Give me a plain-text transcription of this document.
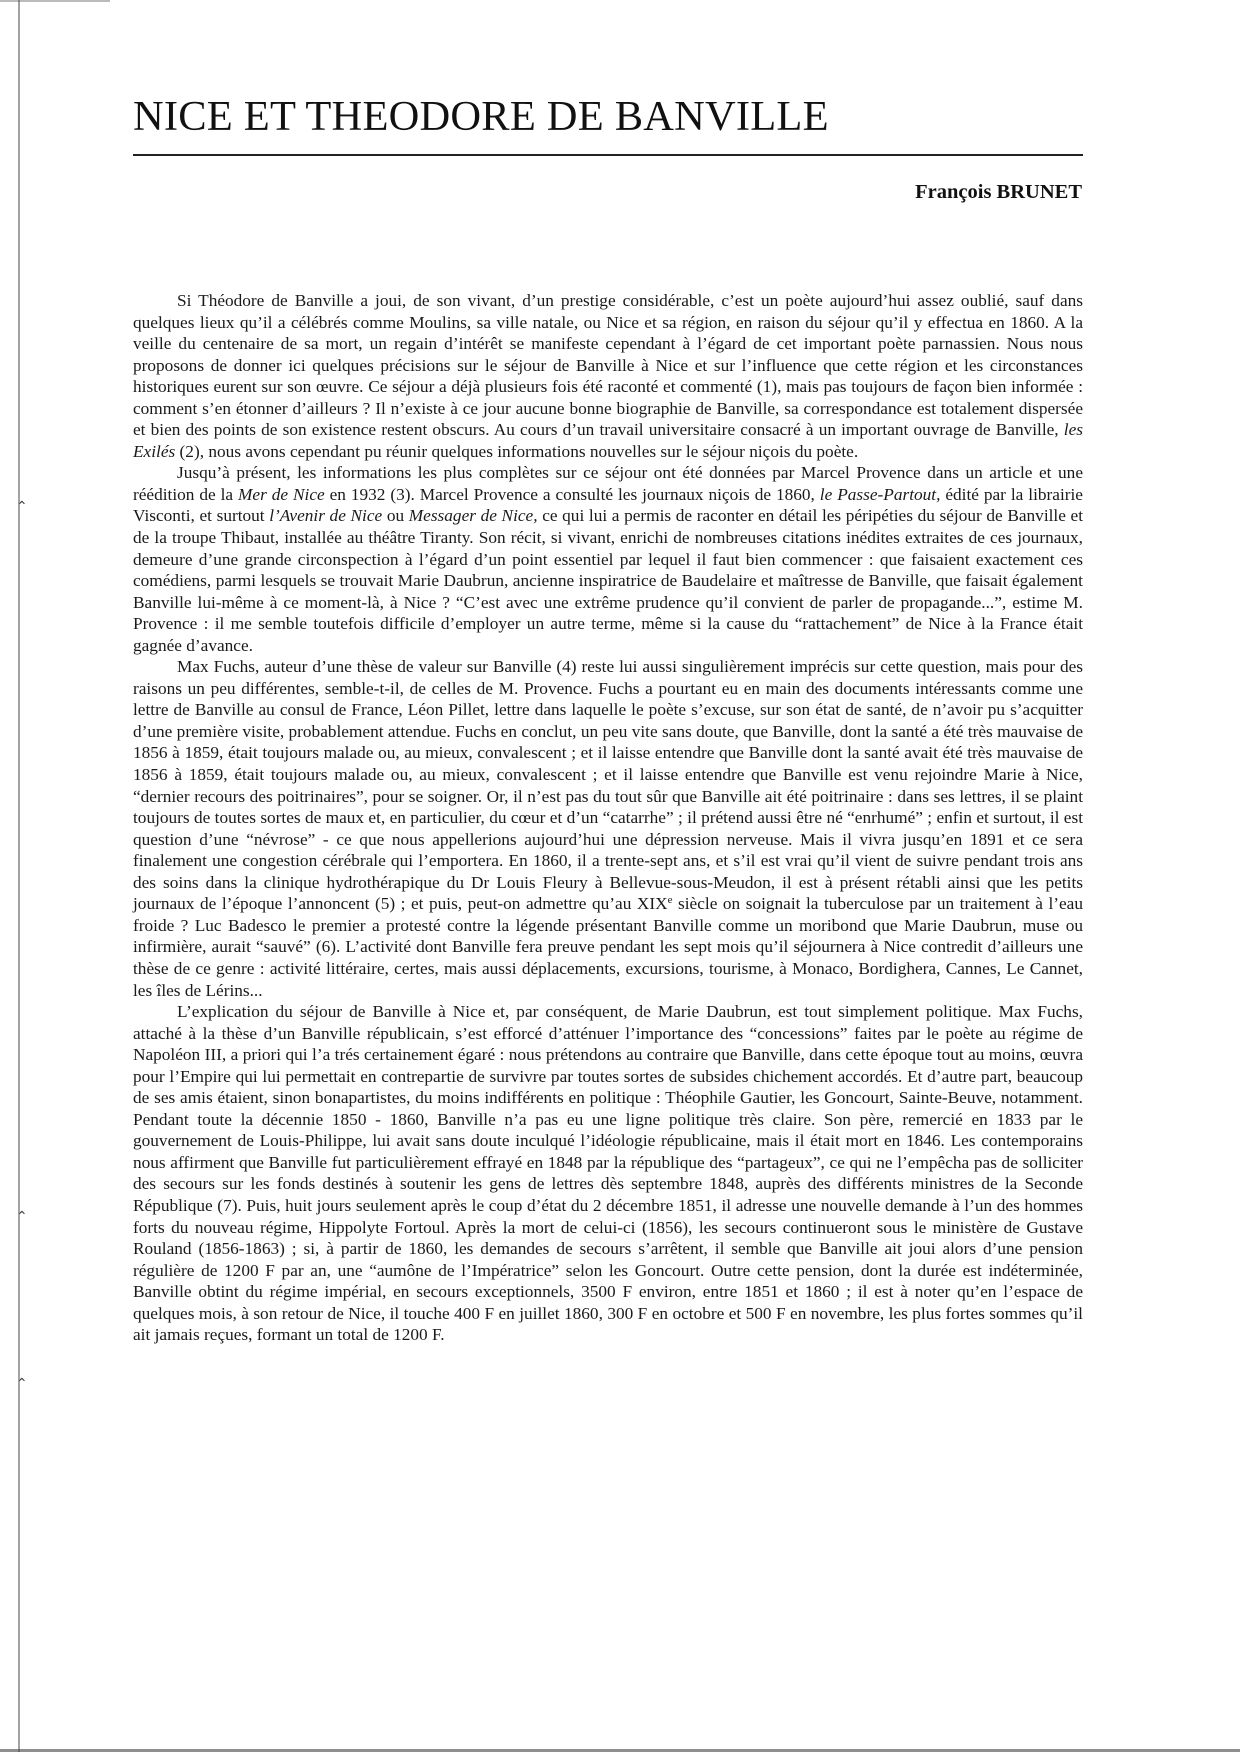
⌃
⌃
⌃
NICE ET THEODORE DE BANVILLE
François BRUNET

Si Théodore de Banville a joui, de son vivant, d’un prestige considérable, c’est un poète aujourd’hui assez oublié, sauf dans quelques lieux qu’il a célébrés comme Moulins, sa ville natale, ou Nice et sa région, en raison du séjour qu’il y effectua en 1860. A la veille du centenaire de sa mort, un regain d’intérêt se manifeste cependant à l’égard de cet important poète parnassien. Nous nous proposons de donner ici quelques précisions sur le séjour de Banville à Nice et sur l’influence que cette région et les circonstances historiques eurent sur son œuvre. Ce séjour a déjà plusieurs fois été raconté et commenté (1), mais pas toujours de façon bien informée : comment s’en étonner d’ailleurs ? Il n’existe à ce jour aucune bonne biographie de Banville, sa correspondance est totalement dispersée et bien des points de son existence restent obscurs. Au cours d’un travail universitaire consacré à un important ouvrage de Banville, les Exilés (2), nous avons cependant pu réunir quelques informations nouvelles sur le séjour niçois du poète.

Jusqu’à présent, les informations les plus complètes sur ce séjour ont été données par Marcel Provence dans un article et une réédition de la Mer de Nice en 1932 (3). Marcel Provence a consulté les journaux niçois de 1860, le Passe-Partout, édité par la librairie Visconti, et surtout l’Avenir de Nice ou Messager de Nice, ce qui lui a permis de raconter en détail les péripéties du séjour de Banville et de la troupe Thibaut, installée au théâtre Tiranty. Son récit, si vivant, enrichi de nombreuses citations inédites extraites de ces journaux, demeure d’une grande circonspection à l’égard d’un point essentiel par lequel il faut bien commencer : que faisaient exactement ces comédiens, parmi lesquels se trouvait Marie Daubrun, ancienne inspiratrice de Baudelaire et maîtresse de Banville, que faisait également Banville lui-même à ce moment-là, à Nice ? “C’est avec une extrême prudence qu’il convient de parler de propagande...”, estime M. Provence : il me semble toutefois difficile d’employer un autre terme, même si la cause du “rattachement” de Nice à la France était gagnée d’avance.

Max Fuchs, auteur d’une thèse de valeur sur Banville (4) reste lui aussi singulièrement imprécis sur cette question, mais pour des raisons un peu différentes, semble-t-il, de celles de M. Provence. Fuchs a pourtant eu en main des documents intéressants comme une lettre de Banville au consul de France, Léon Pillet, lettre dans laquelle le poète s’excuse, sur son état de santé, de n’avoir pu s’acquitter d’une première visite, probablement attendue. Fuchs en conclut, un peu vite sans doute, que Banville, dont la santé a été très mauvaise de 1856 à 1859, était toujours malade ou, au mieux, convalescent ; et il laisse entendre que Banville dont la santé avait été très mauvaise de 1856 à 1859, était toujours malade ou, au mieux, convalescent ; et il laisse entendre que Banville est venu rejoindre Marie à Nice, “dernier recours des poitrinaires”, pour se soigner. Or, il n’est pas du tout sûr que Banville ait été poitrinaire : dans ses lettres, il se plaint toujours de toutes sortes de maux et, en particulier, du cœur et d’un “catarrhe” ; il prétend aussi être né “enrhumé” ; enfin et surtout, il est question d’une “névrose” - ce que nous appellerions aujourd’hui une dépression nerveuse. Mais il vivra jusqu’en 1891 et ce sera finalement une congestion cérébrale qui l’emportera. En 1860, il a trente-sept ans, et s’il est vrai qu’il vient de suivre pendant trois ans des soins dans la clinique hydrothérapique du Dr Louis Fleury à Bellevue-sous-Meudon, il est à présent rétabli ainsi que les petits journaux de l’époque l’annoncent (5) ; et puis, peut-on admettre qu’au XIXe siècle on soignait la tuberculose par un traitement à l’eau froide ? Luc Badesco le premier a protesté contre la légende présentant Banville comme un moribond que Marie Daubrun, muse ou infirmière, aurait “sauvé” (6). L’activité dont Banville fera preuve pendant les sept mois qu’il séjournera à Nice contredit d’ailleurs une thèse de ce genre : activité littéraire, certes, mais aussi déplacements, excursions, tourisme, à Monaco, Bordighera, Cannes, Le Cannet, les îles de Lérins...

L’explication du séjour de Banville à Nice et, par conséquent, de Marie Daubrun, est tout simplement politique. Max Fuchs, attaché à la thèse d’un Banville républicain, s’est efforcé d’atténuer l’importance des “concessions” faites par le poète au régime de Napoléon III, a priori qui l’a trés certainement égaré : nous prétendons au contraire que Banville, dans cette époque tout au moins, œuvra pour l’Empire qui lui permettait en contrepartie de survivre par toutes sortes de subsides chichement accordés. Et d’autre part, beaucoup de ses amis étaient, sinon bonapartistes, du moins indifférents en politique : Théophile Gautier, les Goncourt, Sainte-Beuve, notamment. Pendant toute la décennie 1850 - 1860, Banville n’a pas eu une ligne politique très claire. Son père, remercié en 1833 par le gouvernement de Louis-Philippe, lui avait sans doute inculqué l’idéologie républicaine, mais il était mort en 1846. Les contemporains nous affirment que Banville fut particulièrement effrayé en 1848 par la république des “partageux”, ce qui ne l’empêcha pas de solliciter des secours sur les fonds destinés à soutenir les gens de lettres dès septembre 1848, auprès des différents ministres de la Seconde République (7). Puis, huit jours seulement après le coup d’état du 2 décembre 1851, il adresse une nouvelle demande à l’un des hommes forts du nouveau régime, Hippolyte Fortoul. Après la mort de celui-ci (1856), les secours continueront sous le ministère de Gustave Rouland (1856-1863) ; si, à partir de 1860, les demandes de secours s’arrêtent, il semble que Banville ait joui alors d’une pension régulière de 1200 F par an, une “aumône de l’Impératrice” selon les Goncourt. Outre cette pension, dont la durée est indéterminée, Banville obtint du régime impérial, en secours exceptionnels, 3500 F environ, entre 1851 et 1860 ; il est à noter qu’en l’espace de quelques mois, à son retour de Nice, il touche 400 F en juillet 1860, 300 F en octobre et 500 F en novembre, les plus fortes sommes qu’il ait jamais reçues, formant un total de 1200 F.
